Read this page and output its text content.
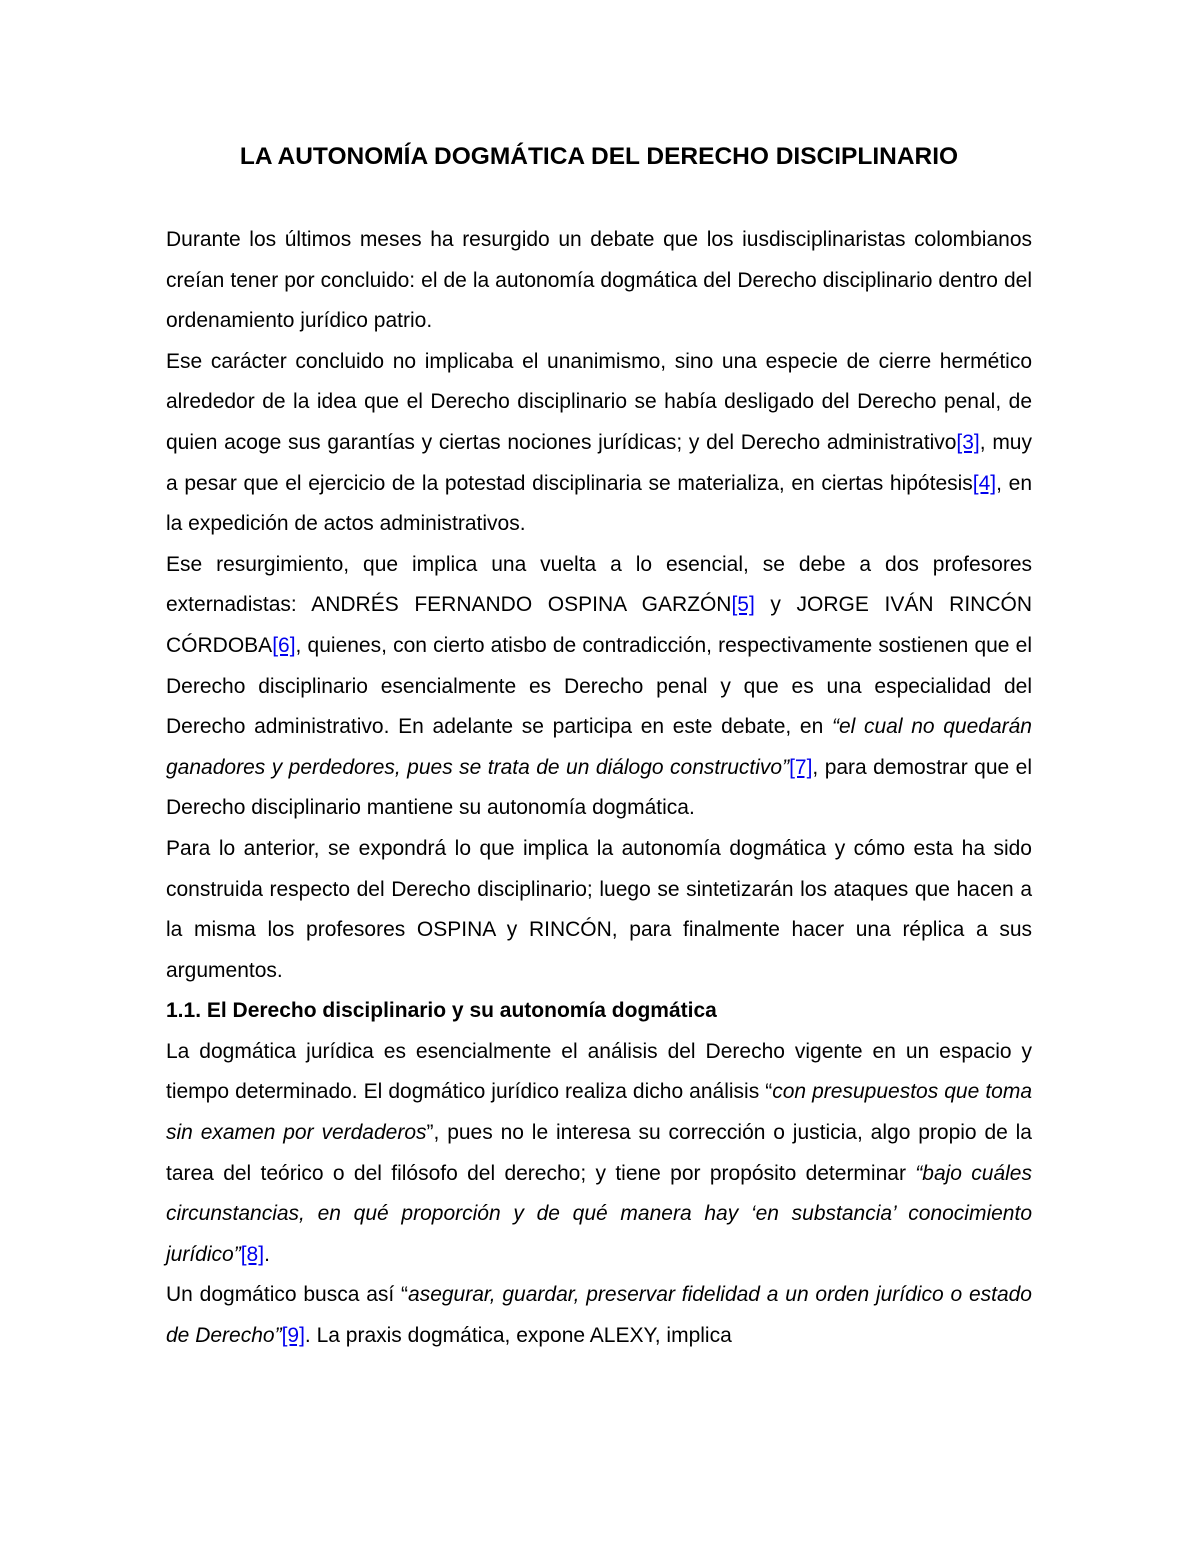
LA AUTONOMÍA DOGMÁTICA DEL DERECHO DISCIPLINARIO

Durante los últimos meses ha resurgido un debate que los iusdisciplinaristas colombianos creían tener por concluido: el de la autonomía dogmática del Derecho disciplinario dentro del ordenamiento jurídico patrio.

Ese carácter concluido no implicaba el unanimismo, sino una especie de cierre hermético alrededor de la idea que el Derecho disciplinario se había desligado del Derecho penal, de quien acoge sus garantías y ciertas nociones jurídicas; y del Derecho administrativo[3], muy a pesar que el ejercicio de la potestad disciplinaria se materializa, en ciertas hipótesis[4], en la expedición de actos administrativos.

Ese resurgimiento, que implica una vuelta a lo esencial, se debe a dos profesores externadistas: ANDRÉS FERNANDO OSPINA GARZÓN[5] y JORGE IVÁN RINCÓN CÓRDOBA[6], quienes, con cierto atisbo de contradicción, respectivamente sostienen que el Derecho disciplinario esencialmente es Derecho penal y que es una especialidad del Derecho administrativo. En adelante se participa en este debate, en “el cual no quedarán ganadores y perdedores, pues se trata de un diálogo constructivo”[7], para demostrar que el Derecho disciplinario mantiene su autonomía dogmática.

Para lo anterior, se expondrá lo que implica la autonomía dogmática y cómo esta ha sido construida respecto del Derecho disciplinario; luego se sintetizarán los ataques que hacen a la misma los profesores OSPINA y RINCÓN, para finalmente hacer una réplica a sus argumentos.

1.1. El Derecho disciplinario y su autonomía dogmática

La dogmática jurídica es esencialmente el análisis del Derecho vigente en un espacio y tiempo determinado. El dogmático jurídico realiza dicho análisis “con presupuestos que toma sin examen por verdaderos”, pues no le interesa su corrección o justicia, algo propio de la tarea del teórico o del filósofo del derecho; y tiene por propósito determinar “bajo cuáles circunstancias, en qué proporción y de qué manera hay ‘en substancia’ conocimiento jurídico”[8].

Un dogmático busca así “asegurar, guardar, preservar fidelidad a un orden jurídico o estado de Derecho”[9]. La praxis dogmática, expone ALEXY, implica
